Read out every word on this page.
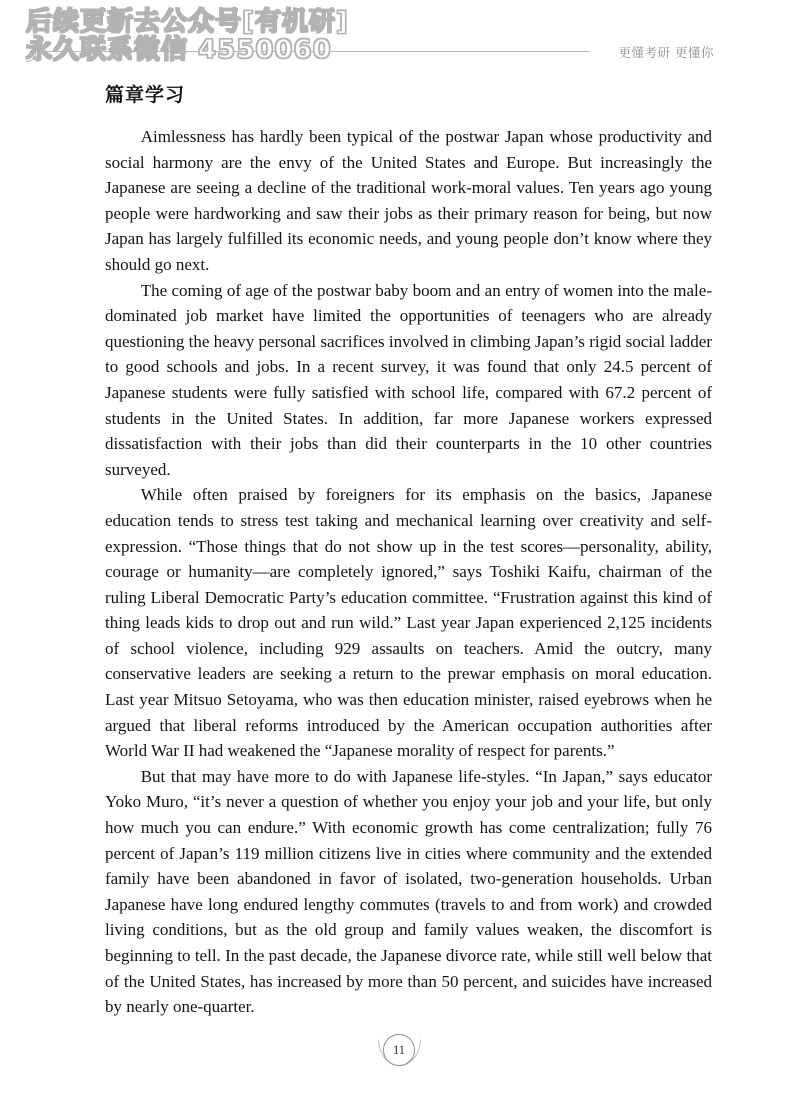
更懂考研 更懂你
后续更新去公众号[有机研]
永久联系微信 4550060
篇章学习

Aimlessness has hardly been typical of the postwar Japan whose productivity and social harmony are the envy of the United States and Europe. But increasingly the Japanese are seeing a decline of the traditional work-moral values. Ten years ago young people were hardworking and saw their jobs as their primary reason for being, but now Japan has largely fulfilled its economic needs, and young people don’t know where they should go next.

The coming of age of the postwar baby boom and an entry of women into the male-dominated job market have limited the opportunities of teenagers who are already questioning the heavy personal sacrifices involved in climbing Japan’s rigid social ladder to good schools and jobs. In a recent survey, it was found that only 24.5 percent of Japanese students were fully satisfied with school life, compared with 67.2 percent of students in the United States. In addition, far more Japanese workers expressed dissatisfaction with their jobs than did their counterparts in the 10 other countries surveyed.

While often praised by foreigners for its emphasis on the basics, Japanese education tends to stress test taking and mechanical learning over creativity and self-expression. “Those things that do not show up in the test scores—personality, ability, courage or humanity—are completely ignored,” says Toshiki Kaifu, chairman of the ruling Liberal Democratic Party’s education committee. “Frustration against this kind of thing leads kids to drop out and run wild.” Last year Japan experienced 2,125 incidents of school violence, including 929 assaults on teachers. Amid the outcry, many conservative leaders are seeking a return to the prewar emphasis on moral education. Last year Mitsuo Setoyama, who was then education minister, raised eyebrows when he argued that liberal reforms introduced by the American occupation authorities after World War II had weakened the “Japanese morality of respect for parents.”

But that may have more to do with Japanese life-styles. “In Japan,” says educator Yoko Muro, “it’s never a question of whether you enjoy your job and your life, but only how much you can endure.” With economic growth has come centralization; fully 76 percent of Japan’s 119 million citizens live in cities where community and the extended family have been abandoned in favor of isolated, two-generation households. Urban Japanese have long endured lengthy commutes (travels to and from work) and crowded living conditions, but as the old group and family values weaken, the discomfort is beginning to tell. In the past decade, the Japanese divorce rate, while still well below that of the United States, has increased by more than 50 percent, and suicides have increased by nearly one-quarter.

11
